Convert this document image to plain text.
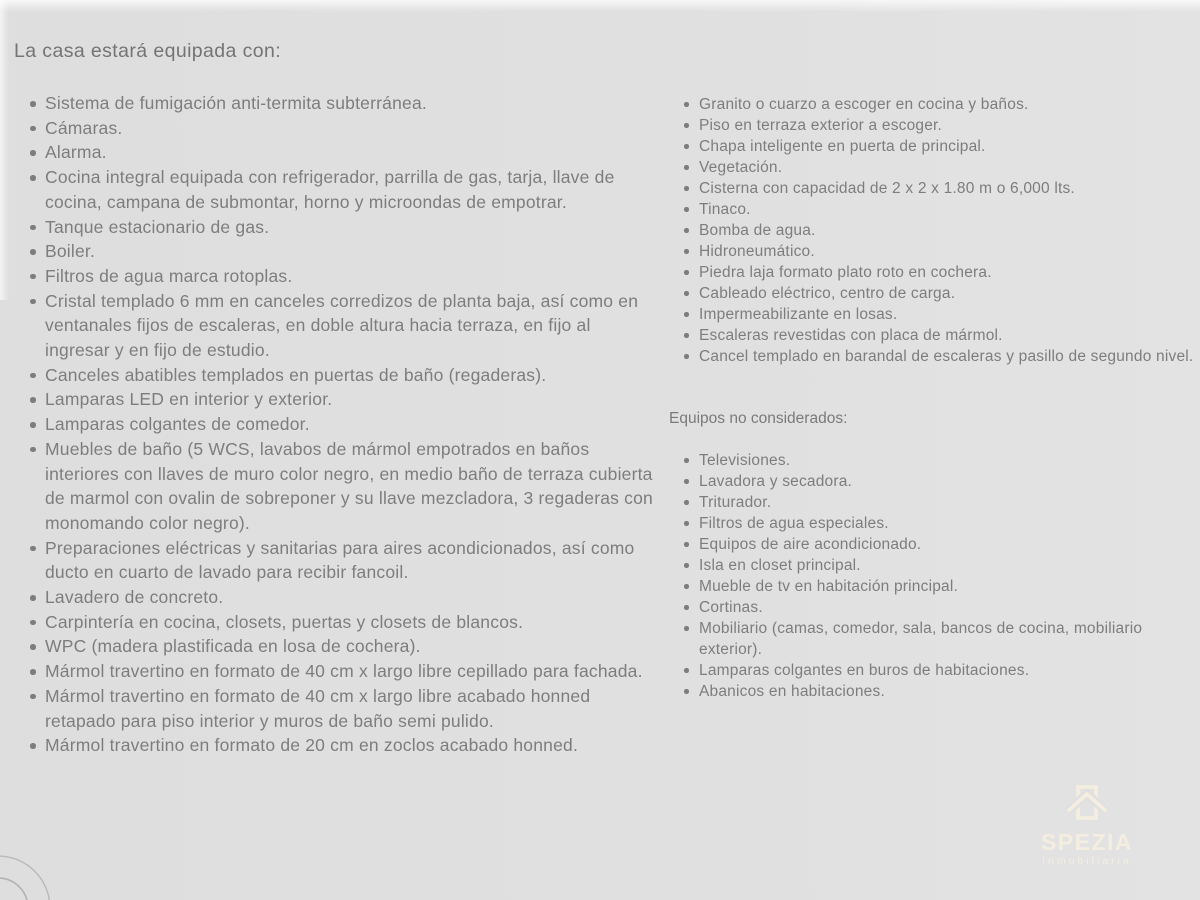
La casa estará equipada con:
Sistema de fumigación anti-termita subterránea.
Cámaras.
Alarma.
Cocina integral equipada con refrigerador, parrilla de gas, tarja, llave de cocina, campana de submontar, horno y microondas de empotrar.
Tanque estacionario de gas.
Boiler.
Filtros de agua marca rotoplas.
Cristal templado 6 mm en canceles corredizos de planta baja, así como en ventanales fijos de escaleras, en doble altura hacia terraza, en fijo al ingresar y en fijo de estudio.
Canceles abatibles templados en puertas de baño (regaderas).
Lamparas LED en interior y exterior.
Lamparas colgantes de comedor.
Muebles de baño (5 WCS, lavabos de mármol empotrados en baños interiores con llaves de muro color negro, en medio baño de terraza cubierta de marmol con ovalin de sobreponer y su llave mezcladora, 3 regaderas con monomando color negro).
Preparaciones eléctricas y sanitarias para aires acondicionados, así como ducto en cuarto de lavado para recibir fancoil.
Lavadero de concreto.
Carpintería en cocina, closets, puertas y closets de blancos.
WPC (madera plastificada en losa de cochera).
Mármol travertino en formato de 40 cm x largo libre cepillado para fachada.
Mármol travertino en formato de 40 cm x largo libre acabado honned retapado para piso interior y muros de baño semi pulido.
Mármol travertino en formato de 20 cm en zoclos acabado honned.
Granito o cuarzo a escoger en cocina y baños.
Piso en terraza exterior a escoger.
Chapa inteligente en puerta de principal.
Vegetación.
Cisterna con capacidad de 2 x 2 x 1.80 m o 6,000 lts.
Tinaco.
Bomba de agua.
Hidroneumático.
Piedra laja formato plato roto en cochera.
Cableado eléctrico, centro de carga.
Impermeabilizante en losas.
Escaleras revestidas con placa de mármol.
Cancel templado en barandal de escaleras y pasillo de segundo nivel.
Equipos no considerados:
Televisiones.
Lavadora y secadora.
Triturador.
Filtros de agua especiales.
Equipos de aire acondicionado.
Isla en closet principal.
Mueble de tv en habitación principal.
Cortinas.
Mobiliario (camas, comedor, sala, bancos de cocina, mobiliario exterior).
Lamparas colgantes en buros de habitaciones.
Abanicos en habitaciones.
SPEZIA
Inmobiliaria
